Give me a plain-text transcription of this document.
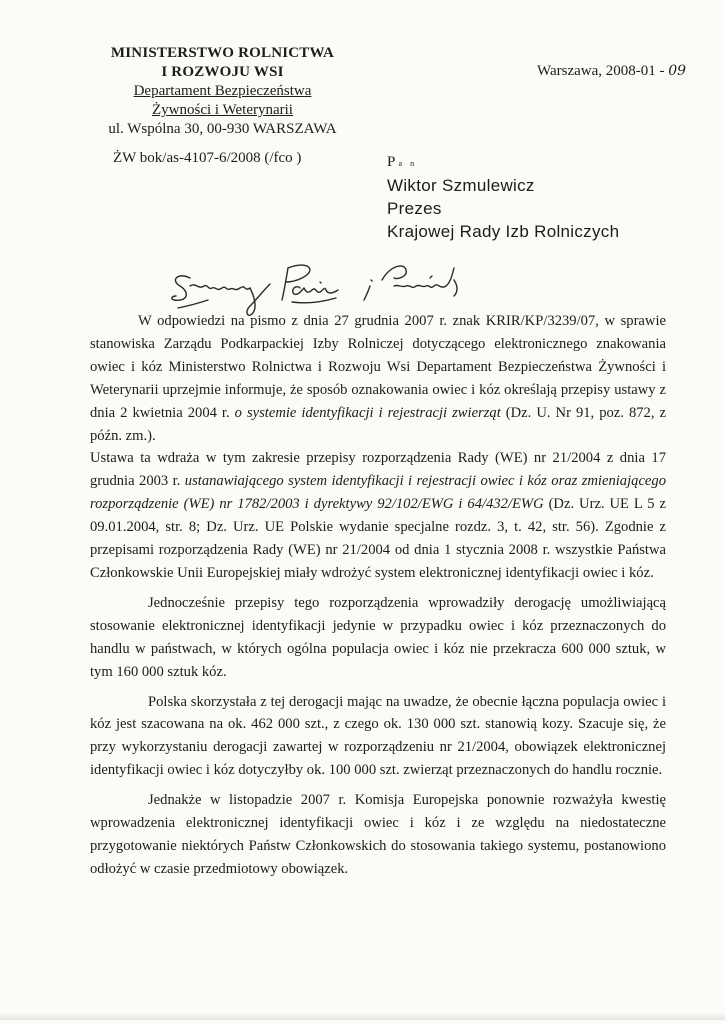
MINISTERSTWO ROLNICTWA
I ROZWOJU WSI
Departament Bezpieczeństwa
Żywności i Weterynarii
ul. Wspólna 30, 00-930 WARSZAWA
Warszawa, 2008-01 - 09
ŻW bok/as-4107-6/2008 (/fco )	P a n
Wiktor Szmulewicz
Prezes
Krajowej Rady Izb Rolniczych

W odpowiedzi na pismo z dnia 27 grudnia 2007 r. znak KRIR/KP/3239/07, w sprawie stanowiska Zarządu Podkarpackiej Izby Rolniczej dotyczącego elektronicznego znakowania owiec i kóz Ministerstwo Rolnictwa i Rozwoju Wsi Departament Bezpieczeństwa Żywności i Weterynarii uprzejmie informuje, że sposób oznakowania owiec i kóz określają przepisy ustawy z dnia 2 kwietnia 2004 r. o systemie identyfikacji i rejestracji zwierząt (Dz. U. Nr 91, poz. 872, z późn. zm.).

Ustawa ta wdraża w tym zakresie przepisy rozporządzenia Rady (WE) nr 21/2004 z dnia 17 grudnia 2003 r. ustanawiającego system identyfikacji i rejestracji owiec i kóz oraz zmieniającego rozporządzenie (WE) nr 1782/2003 i dyrektywy 92/102/EWG i 64/432/EWG (Dz. Urz. UE L 5 z 09.01.2004, str. 8; Dz. Urz. UE Polskie wydanie specjalne rozdz. 3, t. 42, str. 56). Zgodnie z przepisami rozporządzenia Rady (WE) nr 21/2004 od dnia 1 stycznia 2008 r. wszystkie Państwa Członkowskie Unii Europejskiej miały wdrożyć system elektronicznej identyfikacji owiec i kóz.

Jednocześnie przepisy tego rozporządzenia wprowadziły derogację umożliwiającą stosowanie elektronicznej identyfikacji jedynie w przypadku owiec i kóz przeznaczonych do handlu w państwach, w których ogólna populacja owiec i kóz nie przekracza 600 000 sztuk, w tym 160 000 sztuk kóz.

Polska skorzystała z tej derogacji mając na uwadze, że obecnie łączna populacja owiec i kóz jest szacowana na ok. 462 000 szt., z czego ok. 130 000 szt. stanowią kozy. Szacuje się, że przy wykorzystaniu derogacji zawartej w rozporządzeniu nr 21/2004, obowiązek elektronicznej identyfikacji owiec i kóz dotyczyłby ok. 100 000 szt. zwierząt przeznaczonych do handlu rocznie.

Jednakże w listopadzie 2007 r. Komisja Europejska ponownie rozważyła kwestię wprowadzenia elektronicznej identyfikacji owiec i kóz i ze względu na niedostateczne przygotowanie niektórych Państw Członkowskich do stosowania takiego systemu, postanowiono odłożyć w czasie przedmiotowy obowiązek.
